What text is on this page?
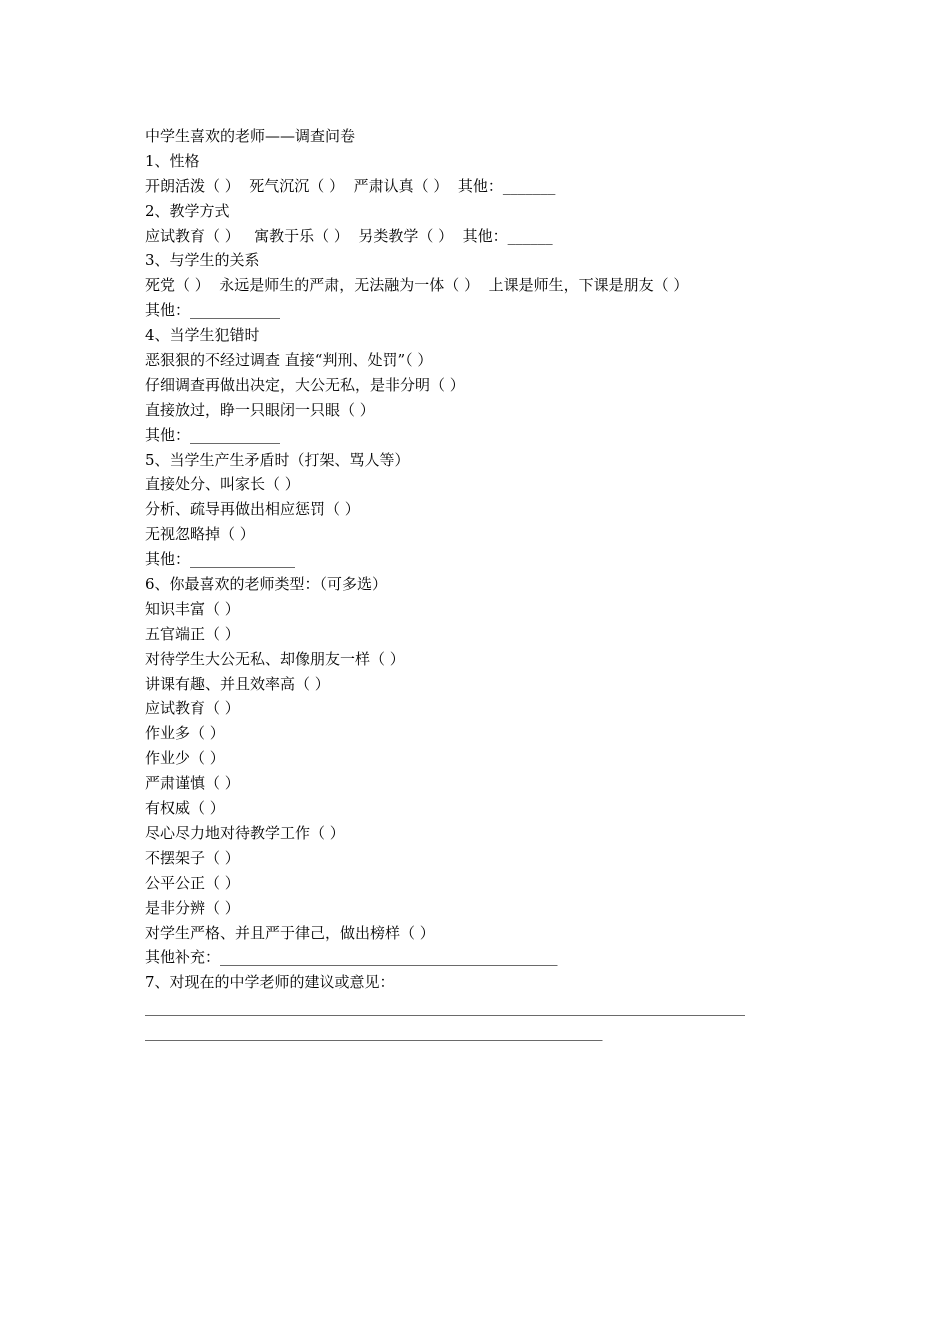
中学生喜欢的老师——调查问卷
1、性格
开朗活泼（ ）  死气沉沉（ ）  严肃认真（ ）  其他：_______
2、教学方式
应试教育（ ）   寓教于乐（ ）  另类教学（ ）  其他：______
3、与学生的关系
死党（ ）  永远是师生的严肃，无法融为一体（ ）  上课是师生，下课是朋友（ ）
其他：____________
4、当学生犯错时
恶狠狠的不经过调查 直接“判刑、处罚”（ ）
仔细调查再做出决定，大公无私，是非分明（ ）
直接放过，睁一只眼闭一只眼（ ）
其他：____________
5、当学生产生矛盾时（打架、骂人等）
直接处分、叫家长（ ）
分析、疏导再做出相应惩罚（ ）
无视忽略掉（ ）
其他：______________
6、你最喜欢的老师类型：（可多选）
知识丰富（ ）
五官端正（ ）
对待学生大公无私、却像朋友一样（ ）
讲课有趣、并且效率高（ ）
应试教育（ ）
作业多（ ）
作业少（ ）
严肃谨慎（ ）
有权威（ ）
尽心尽力地对待教学工作（ ）
不摆架子（ ）
公平公正（ ）
是非分辨（ ）
对学生严格、并且严于律己，做出榜样（ ）
其他补充：_____________________________________________
7、对现在的中学老师的建议或意见：
________________________________________________________________________________
_____________________________________________________________
